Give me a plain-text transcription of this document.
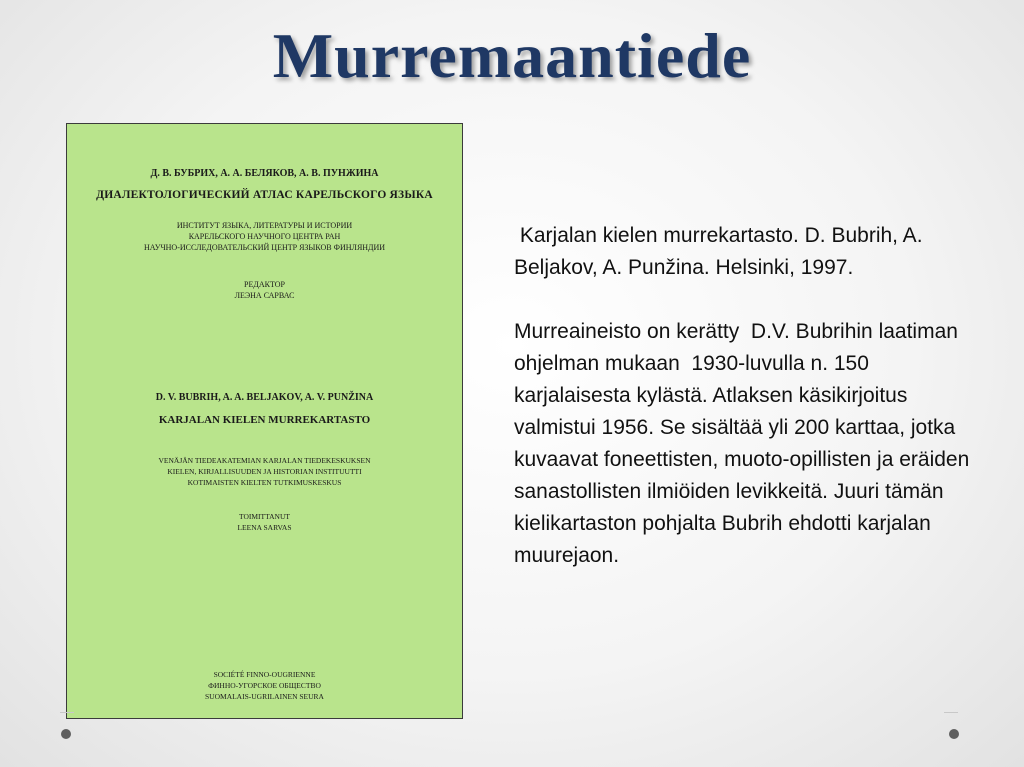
Murremaantiede
Д. В. БУБРИХ, А. А. БЕЛЯКОВ, А. В. ПУНЖИНА
ДИАЛЕКТОЛОГИЧЕСКИЙ АТЛАС КАРЕЛЬСКОГО ЯЗЫКА
ИНСТИТУТ ЯЗЫКА, ЛИТЕРАТУРЫ И ИСТОРИИ
КАРЕЛЬСКОГО НАУЧНОГО ЦЕНТРА РАН
НАУЧНО-ИССЛЕДОВАТЕЛЬСКИЙ ЦЕНТР ЯЗЫКОВ ФИНЛЯНДИИ
РЕДАКТОР
ЛЕЭНА САРВАС
D. V. BUBRIH, A. A. BELJAKOV, A. V. PUNŽINA
KARJALAN KIELEN MURREKARTASTO
VENÄJÄN TIEDEAKATEMIAN KARJALAN TIEDEKESKUKSEN
KIELEN, KIRJALLISUUDEN JA HISTORIAN INSTITUUTTI
KOTIMAISTEN KIELTEN TUTKIMUSKESKUS
TOIMITTANUT
LEENA SARVAS
SOCIÉTÉ FINNO-OUGRIENNE
ФИННО-УГОРСКОЕ ОБЩЕСТВО
SUOMALAIS-UGRILAINEN SEURA

Karjalan kielen murrekartasto. D. Bubrih, A. Beljakov, A. Punžina. Helsinki, 1997.

Murreaineisto on kerätty  D.V. Bubrihin laatiman ohjelman mukaan  1930-luvulla n. 150 karjalaisesta kylästä. Atlaksen käsikirjoitus valmistui 1956. Se sisältää yli 200 karttaa, jotka kuvaavat foneettisten, muoto-opillisten ja eräiden sanastollisten ilmiöiden levikkeitä. Juuri tämän kielikartaston pohjalta Bubrih ehdotti karjalan muurejaon.
